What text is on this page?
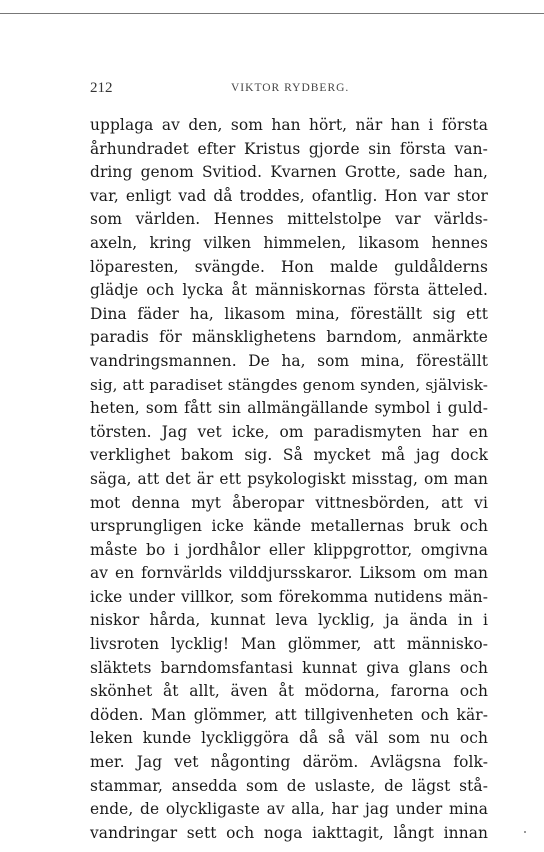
212	VIKTOR RYDBERG.
upplaga av den, som han hört, när han i första
århundradet efter Kristus gjorde sin första van-
dring genom Svitiod. Kvarnen Grotte, sade han,
var, enligt vad då troddes, ofantlig. Hon var stor
som världen. Hennes mittelstolpe var världs-
axeln, kring vilken himmelen, likasom hennes
löparesten, svängde. Hon malde guldålderns
glädje och lycka åt människornas första ätteled.
Dina fäder ha, likasom mina, föreställt sig ett
paradis för mänsklighetens barndom, anmärkte
vandringsmannen. De ha, som mina, föreställt
sig, att paradiset stängdes genom synden, självisk-
heten, som fått sin allmängällande symbol i guld-
törsten. Jag vet icke, om paradismyten har en
verklighet bakom sig. Så mycket må jag dock
säga, att det är ett psykologiskt misstag, om man
mot denna myt åberopar vittnesbörden, att vi
ursprungligen icke kände metallernas bruk och
måste bo i jordhålor eller klippgrottor, omgivna
av en fornvärlds vilddjursskaror. Liksom om man
icke under villkor, som förekomma nutidens män-
niskor hårda, kunnat leva lycklig, ja ända in i
livsroten lycklig! Man glömmer, att människo-
släktets barndomsfantasi kunnat giva glans och
skönhet åt allt, även åt mödorna, farorna och
döden. Man glömmer, att tillgivenheten och kär-
leken kunde lyckliggöra då så väl som nu och
mer. Jag vet någonting däröm. Avlägsna folk-
stammar, ansedda som de uslaste, de lägst stå-
ende, de olyckligaste av alla, har jag under mina
vandringar sett och noga iakttagit, långt innan
